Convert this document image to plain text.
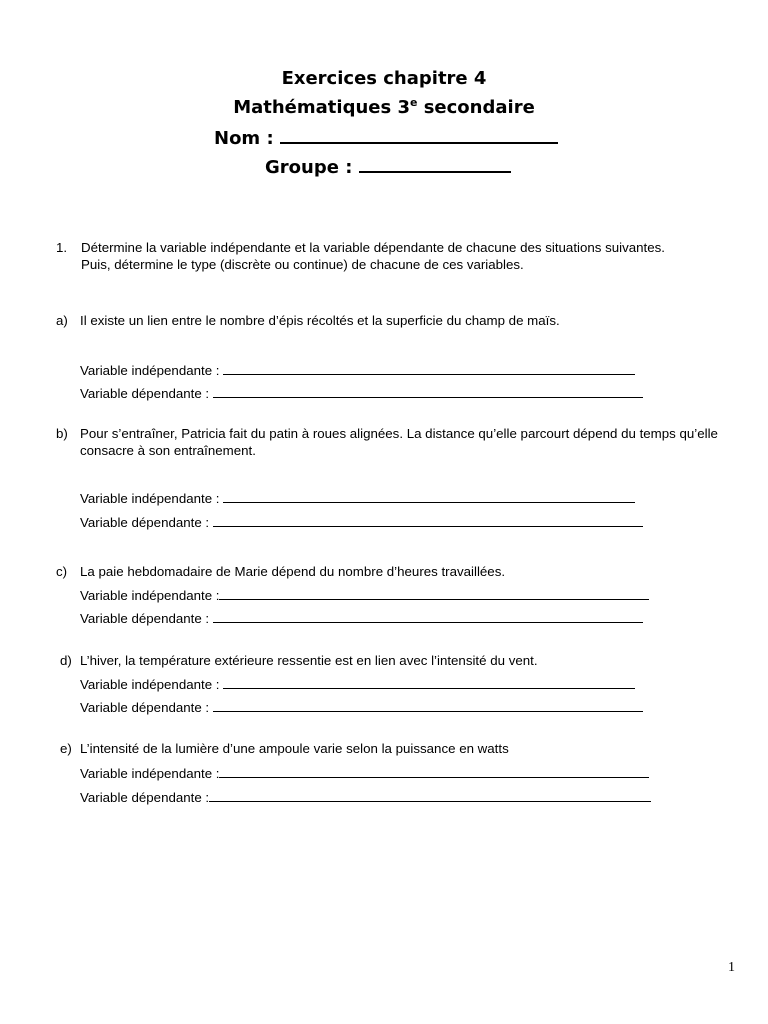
Exercices chapitre 4
Mathématiques 3e secondaire
Nom :
Groupe :
1. Détermine la variable indépendante et la variable dépendante de chacune des situations suivantes.
Puis, détermine le type (discrète ou continue) de chacune de ces variables.
a) Il existe un lien entre le nombre d’épis récoltés et la superficie du champ de maïs.
Variable indépendante :
Variable dépendante :
b) Pour s’entraîner, Patricia fait du patin à roues alignées. La distance qu’elle parcourt dépend du temps qu’elle
consacre à son entraînement.
Variable indépendante :
Variable dépendante :
c) La paie hebdomadaire de Marie dépend du nombre d’heures travaillées.
Variable indépendante :
Variable dépendante :
d) L’hiver, la température extérieure ressentie est en lien avec l’intensité du vent.
Variable indépendante :
Variable dépendante :
e) L’intensité de la lumière d’une ampoule varie selon la puissance en watts
Variable indépendante :
Variable dépendante :
1
